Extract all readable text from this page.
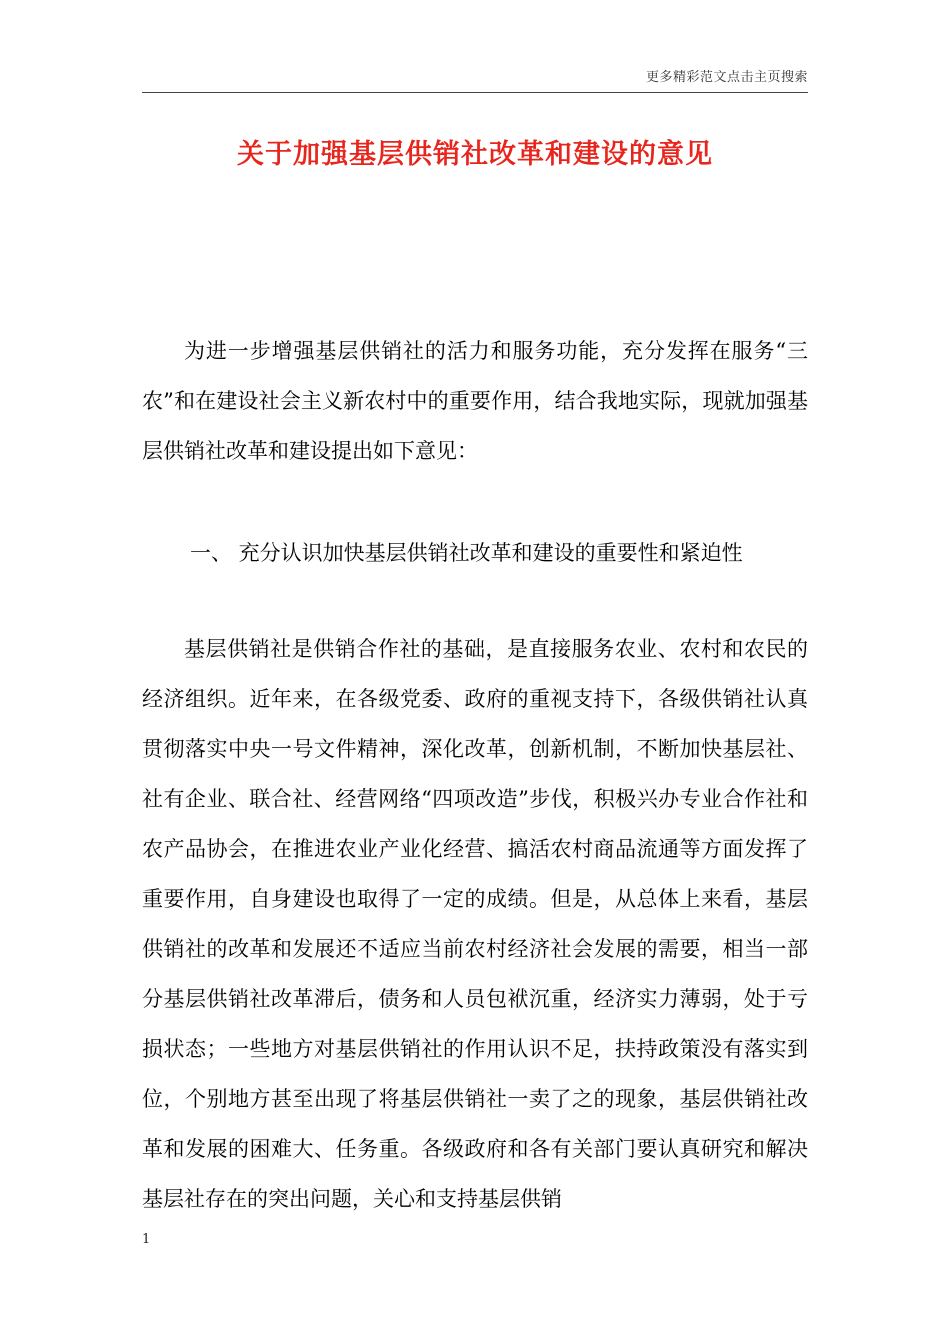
更多精彩范文点击主页搜索
关于加强基层供销社改革和建设的意见

为进一步增强基层供销社的活力和服务功能，充分发挥在服务“三农”和在建设社会主义新农村中的重要作用，结合我地实际，现就加强基层供销社改革和建设提出如下意见：

一、 充分认识加快基层供销社改革和建设的重要性和紧迫性

基层供销社是供销合作社的基础，是直接服务农业、农村和农民的经济组织。近年来，在各级党委、政府的重视支持下，各级供销社认真贯彻落实中央一号文件精神，深化改革，创新机制，不断加快基层社、社有企业、联合社、经营网络“四项改造”步伐，积极兴办专业合作社和农产品协会，在推进农业产业化经营、搞活农村商品流通等方面发挥了重要作用，自身建设也取得了一定的成绩。但是，从总体上来看，基层供销社的改革和发展还不适应当前农村经济社会发展的需要，相当一部分基层供销社改革滞后，债务和人员包袱沉重，经济实力薄弱，处于亏损状态；一些地方对基层供销社的作用认识不足，扶持政策没有落实到位，个别地方甚至出现了将基层供销社一卖了之的现象，基层供销社改革和发展的困难大、任务重。各级政府和各有关部门要认真研究和解决基层社存在的突出问题，关心和支持基层供销

1
